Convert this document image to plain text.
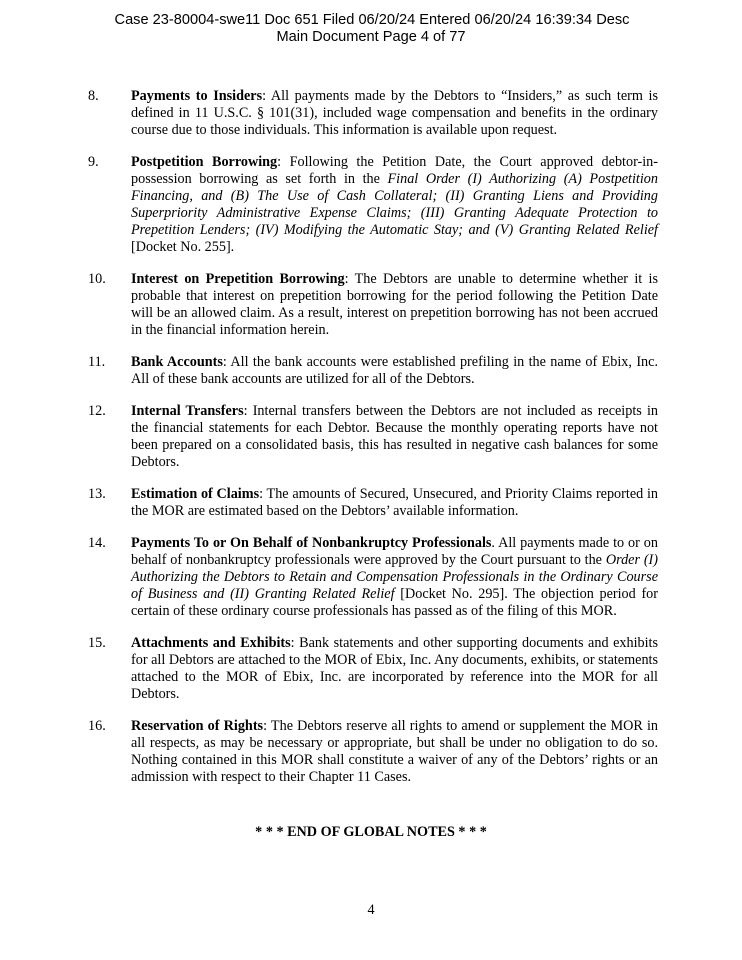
Case 23-80004-swe11 Doc 651 Filed 06/20/24 Entered 06/20/24 16:39:34 Desc
Main Document Page 4 of 77
8. Payments to Insiders: All payments made by the Debtors to “Insiders,” as such term is defined in 11 U.S.C. § 101(31), included wage compensation and benefits in the ordinary course due to those individuals. This information is available upon request.
9. Postpetition Borrowing: Following the Petition Date, the Court approved debtor-in-possession borrowing as set forth in the Final Order (I) Authorizing (A) Postpetition Financing, and (B) The Use of Cash Collateral; (II) Granting Liens and Providing Superpriority Administrative Expense Claims; (III) Granting Adequate Protection to Prepetition Lenders; (IV) Modifying the Automatic Stay; and (V) Granting Related Relief [Docket No. 255].
10. Interest on Prepetition Borrowing: The Debtors are unable to determine whether it is probable that interest on prepetition borrowing for the period following the Petition Date will be an allowed claim. As a result, interest on prepetition borrowing has not been accrued in the financial information herein.
11. Bank Accounts: All the bank accounts were established prefiling in the name of Ebix, Inc. All of these bank accounts are utilized for all of the Debtors.
12. Internal Transfers: Internal transfers between the Debtors are not included as receipts in the financial statements for each Debtor. Because the monthly operating reports have not been prepared on a consolidated basis, this has resulted in negative cash balances for some Debtors.
13. Estimation of Claims: The amounts of Secured, Unsecured, and Priority Claims reported in the MOR are estimated based on the Debtors’ available information.
14. Payments To or On Behalf of Nonbankruptcy Professionals. All payments made to or on behalf of nonbankruptcy professionals were approved by the Court pursuant to the Order (I) Authorizing the Debtors to Retain and Compensation Professionals in the Ordinary Course of Business and (II) Granting Related Relief [Docket No. 295]. The objection period for certain of these ordinary course professionals has passed as of the filing of this MOR.
15. Attachments and Exhibits: Bank statements and other supporting documents and exhibits for all Debtors are attached to the MOR of Ebix, Inc. Any documents, exhibits, or statements attached to the MOR of Ebix, Inc. are incorporated by reference into the MOR for all Debtors.
16. Reservation of Rights: The Debtors reserve all rights to amend or supplement the MOR in all respects, as may be necessary or appropriate, but shall be under no obligation to do so. Nothing contained in this MOR shall constitute a waiver of any of the Debtors’ rights or an admission with respect to their Chapter 11 Cases.
* * * END OF GLOBAL NOTES * * *
4
